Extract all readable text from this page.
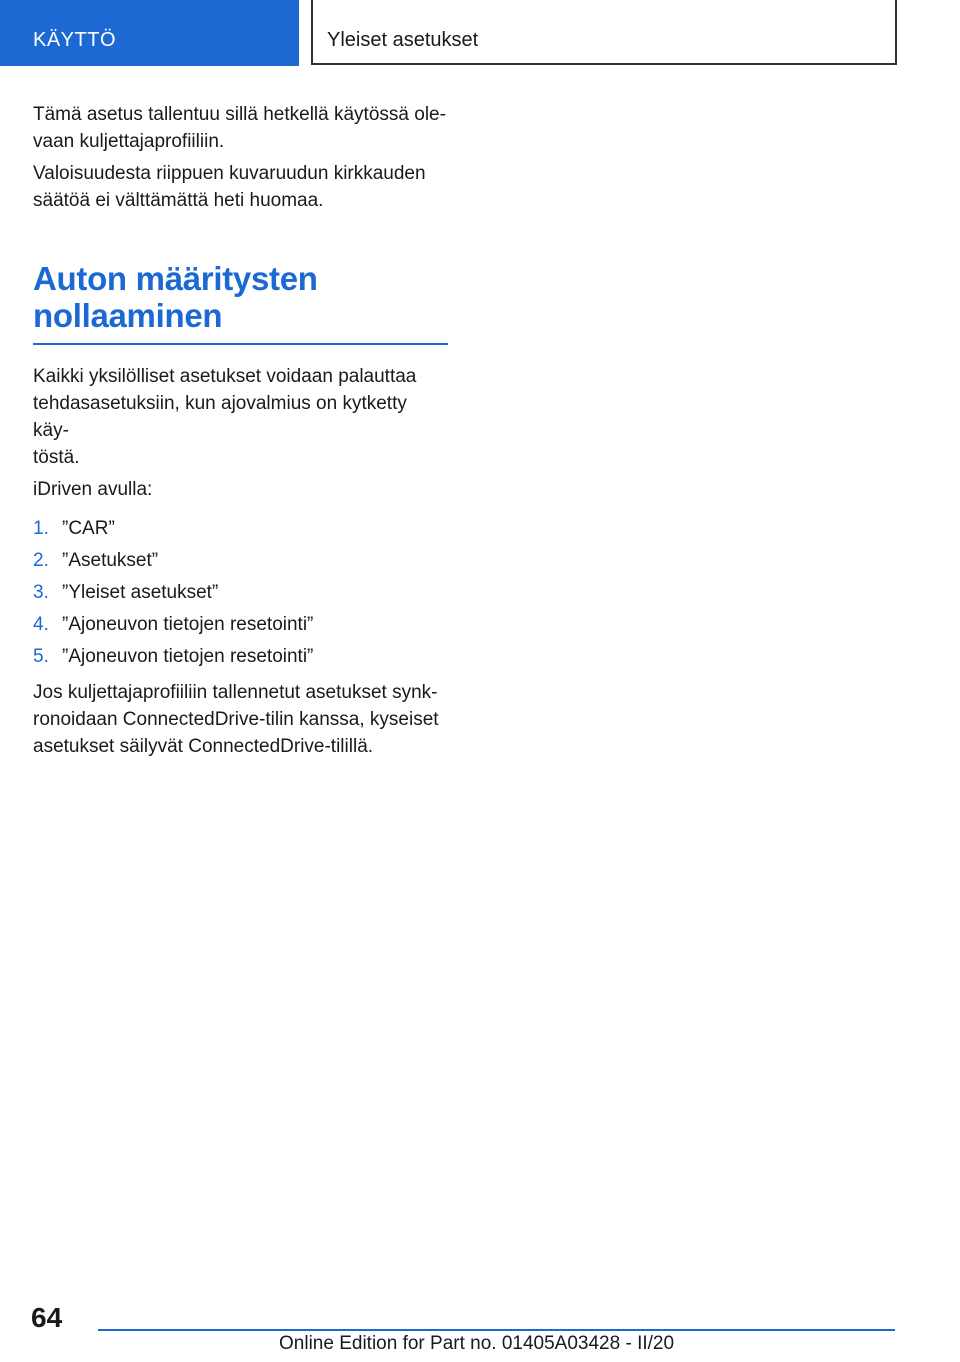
KÄYTTÖ	Yleiset asetukset

Tämä asetus tallentuu sillä hetkellä käytössä ole-
vaan kuljettajaprofiiliin.

Valoisuudesta riippuen kuvaruudun kirkkauden
säätöä ei välttämättä heti huomaa.

Auton määritysten
nollaaminen

Kaikki yksilölliset asetukset voidaan palauttaa
tehdasasetuksiin, kun ajovalmius on kytketty käy-
töstä.

iDriven avulla:

1. ”CAR”
2. ”Asetukset”
3. ”Yleiset asetukset”
4. ”Ajoneuvon tietojen resetointi”
5. ”Ajoneuvon tietojen resetointi”

Jos kuljettajaprofiiliin tallennetut asetukset synk-
ronoidaan ConnectedDrive-tilin kanssa, kyseiset
asetukset säilyvät ConnectedDrive-tilillä.

64
Online Edition for Part no. 01405A03428 - II/20
